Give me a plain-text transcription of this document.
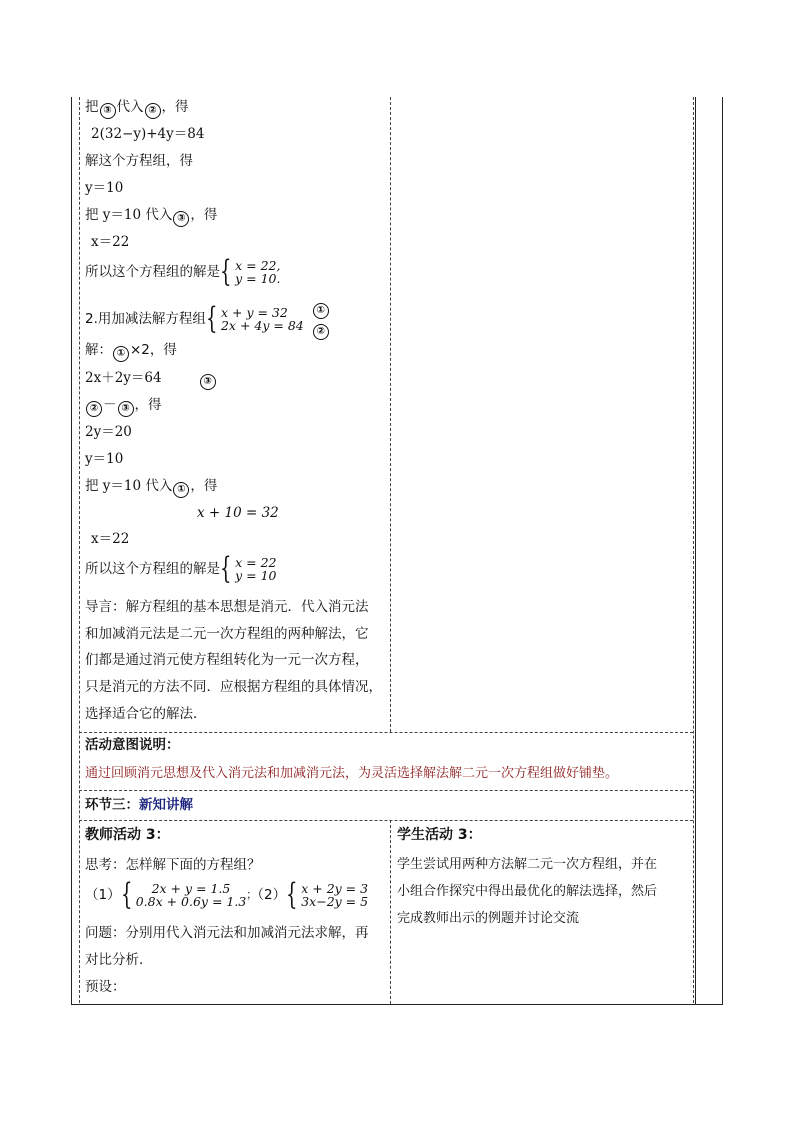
把 ③ 代入 ② ，得
2(32−y)+4y＝84
解这个方程组，得
y＝10
把 y＝10 代入 ③ ，得
x＝22
所以这个方程组的解是{ x = 22,
y = 10.
2.用加减法解方程组{ x + y = 32
2x + 4y = 84①
②
解： ① ×2，得
2x＋2y＝64	③
② － ③ ，得
2y＝20
y＝10
把 y＝10 代入 ① ，得
x + 10 = 32
x＝22
所以这个方程组的解是{ x = 22
y = 10
导言：解方程组的基本思想是消元．代入消元法
和加减消元法是二元一次方程组的两种解法，它
们都是通过消元使方程组转化为一元一次方程，
只是消元的方法不同．应根据方程组的具体情况，
选择适合它的解法．
活动意图说明：
通过回顾消元思想及代入消元法和加减消元法，为灵活选择解法解二元一次方程组做好铺垫。
环节三：新知讲解
教师活动 3：
思考：怎样解下面的方程组？
（1）{ 2x + y = 1.5
0.8x + 0.6y = 1.3；（2）{ x + 2y = 3
3x−2y = 5
问题：分别用代入消元法和加减消元法求解，再
对比分析．
预设：
学生活动 3：
学生尝试用两种方法解二元一次方程组，并在
小组合作探究中得出最优化的解法选择，然后
完成教师出示的例题并讨论交流
